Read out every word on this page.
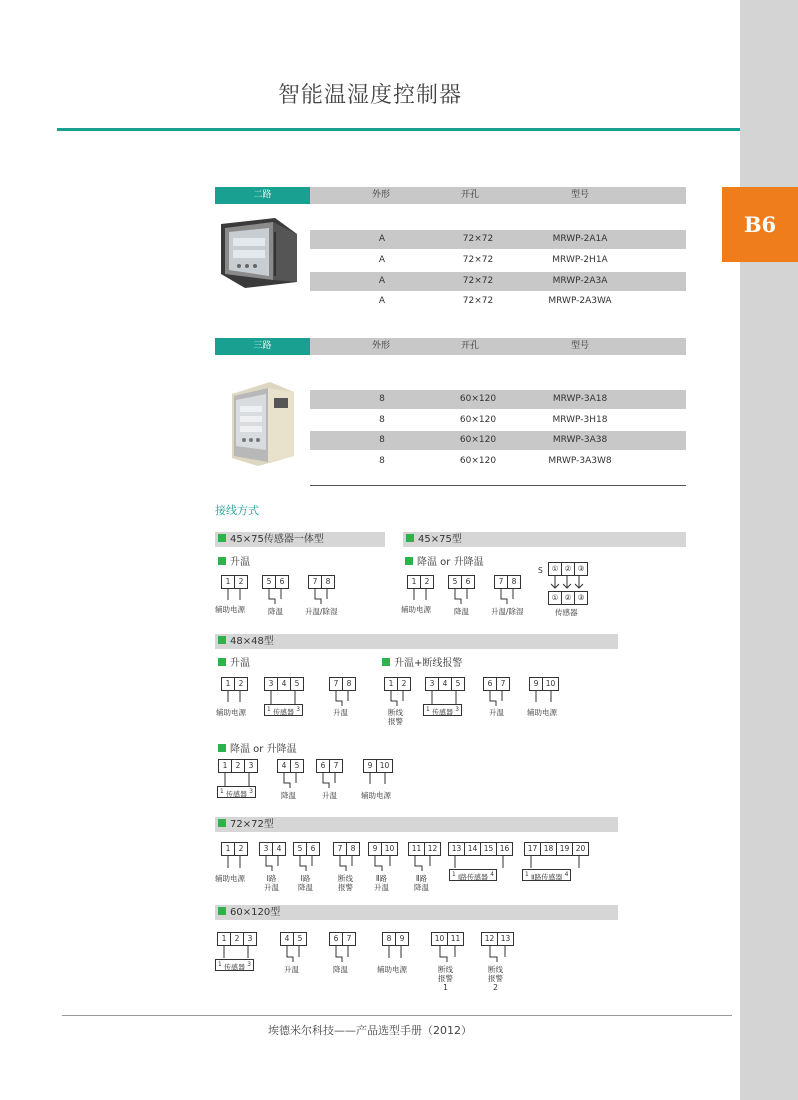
B6
智能温湿度控制器
二路	外形	开孔	型号
A	72×72	MRWP-2A1A
A	72×72	MRWP-2H1A
A	72×72	MRWP-2A3A
A	72×72	MRWP-2A3WA
三路	外形	开孔	型号
8	60×120	MRWP-3A18
8	60×120	MRWP-3H18
8	60×120	MRWP-3A38
8	60×120	MRWP-3A3W8
接线方式
45×75传感器一体型
升温
1	2	5	6	7	8
辅助电源	降温	升温/除湿
45×75型
降温 or 升降温
1	2	5	6	7	8
辅助电源	降温	升温/除湿
S	① ② ③
① ② ③
传感器
48×48型
升温	升温+断线报警
1	2	3	4	5	7	8
辅助电源	$^1$ 传感器 $^3$	升温
1	2	3	4	5	6	7	9 10
断线
报警
$^1$ 传感器 $^3$	升温	辅助电源
降温 or 升降温
1	2	3	4	5	6	7	9 10
$^1$ 传感器 $^3$	降温	升温	辅助电源
72×72型
1	2	3	4	5	6	7	8	9 10	11 12	13 14 15 16	17 18 19 20
辅助电源	Ⅰ路
升温
Ⅰ路
降温
断线
报警
Ⅱ路
升温
Ⅱ路
降温
$^1$ Ⅰ路传感器 $^4$	$^1$ Ⅱ路传感器 $^4$
60×120型
1	2	3	4	5	6	7	8	9	10 11	12 13
$^1$ 传感器 $^3$	升温	降温	辅助电源	断线
报警
1
断线
报警
2
埃德米尔科技——产品选型手册（2012）
